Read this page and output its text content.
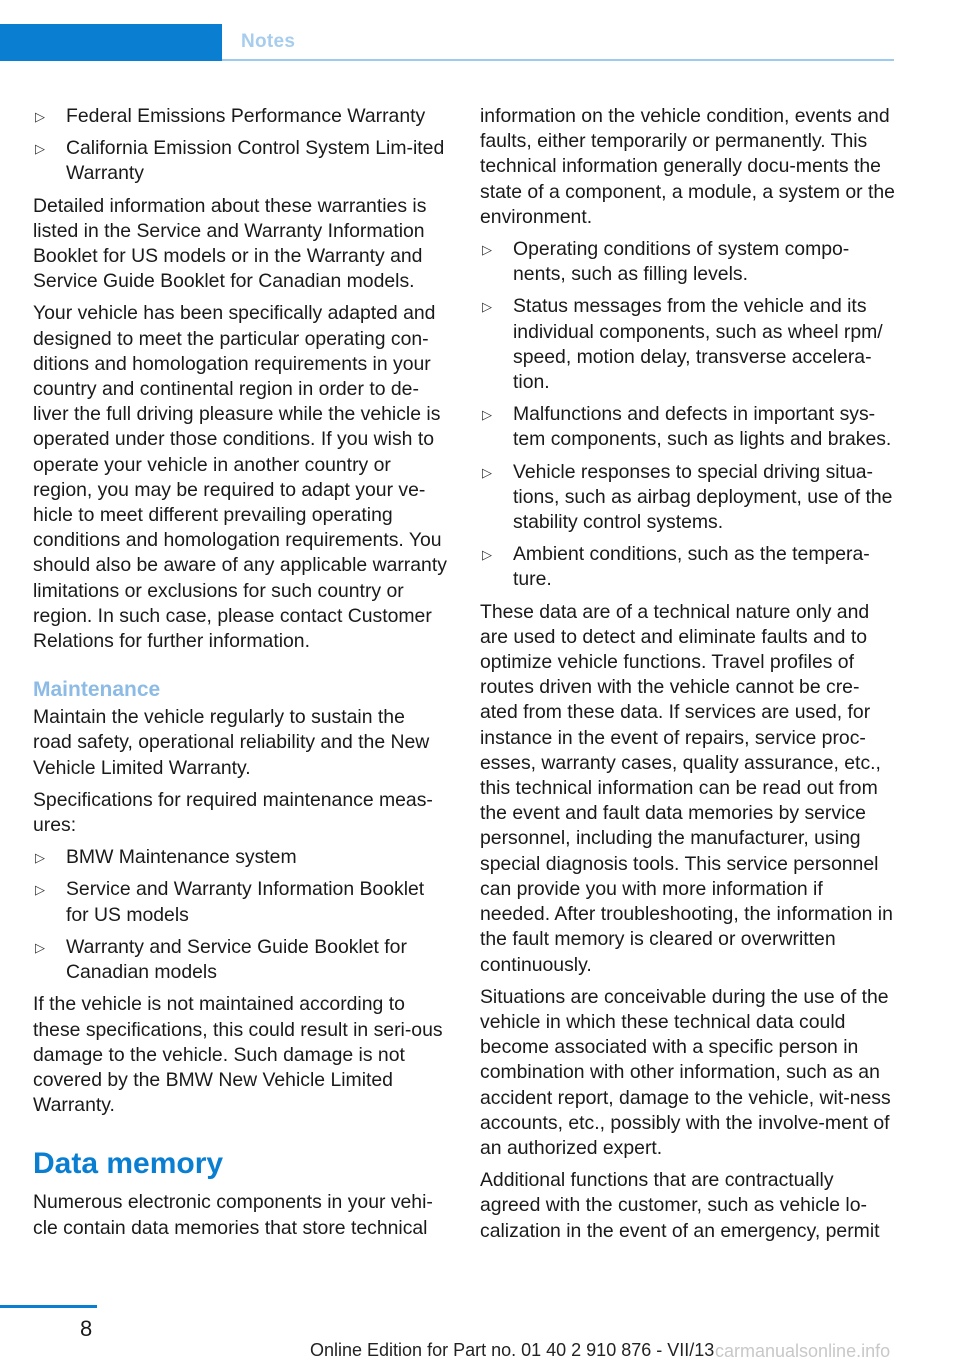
Notes
▷ Federal Emissions Performance Warranty
▷ California Emission Control System Lim‐ited Warranty

Detailed information about these warranties is listed in the Service and Warranty Information Booklet for US models or in the Warranty and Service Guide Booklet for Canadian models.

Your vehicle has been specifically adapted and designed to meet the particular operating con‐ditions and homologation requirements in your country and continental region in order to de‐liver the full driving pleasure while the vehicle is operated under those conditions. If you wish to operate your vehicle in another country or region, you may be required to adapt your ve‐hicle to meet different prevailing operating conditions and homologation requirements. You should also be aware of any applicable warranty limitations or exclusions for such country or region. In such case, please contact Customer Relations for further information.

Maintenance

Maintain the vehicle regularly to sustain the road safety, operational reliability and the New Vehicle Limited Warranty.

Specifications for required maintenance meas‐ures:

▷ BMW Maintenance system
▷ Service and Warranty Information Booklet for US models
▷ Warranty and Service Guide Booklet for Canadian models

If the vehicle is not maintained according to these specifications, this could result in seri‐ous damage to the vehicle. Such damage is not covered by the BMW New Vehicle Limited Warranty.

Data memory

Numerous electronic components in your vehi‐cle contain data memories that store technical

information on the vehicle condition, events and faults, either temporarily or permanently. This technical information generally docu‐ments the state of a component, a module, a system or the environment.

▷ Operating conditions of system compo‐nents, such as filling levels.
▷ Status messages from the vehicle and its individual components, such as wheel rpm/ speed, motion delay, transverse accelera‐tion.
▷ Malfunctions and defects in important sys‐tem components, such as lights and brakes.
▷ Vehicle responses to special driving situa‐tions, such as airbag deployment, use of the stability control systems.
▷ Ambient conditions, such as the tempera‐ture.

These data are of a technical nature only and are used to detect and eliminate faults and to optimize vehicle functions. Travel profiles of routes driven with the vehicle cannot be cre‐ated from these data. If services are used, for instance in the event of repairs, service proc‐esses, warranty cases, quality assurance, etc., this technical information can be read out from the event and fault data memories by service personnel, including the manufacturer, using special diagnosis tools. This service personnel can provide you with more information if needed. After troubleshooting, the information in the fault memory is cleared or overwritten continuously.

Situations are conceivable during the use of the vehicle in which these technical data could become associated with a specific person in combination with other information, such as an accident report, damage to the vehicle, wit‐ness accounts, etc., possibly with the involve‐ment of an authorized expert.

Additional functions that are contractually agreed with the customer, such as vehicle lo‐calization in the event of an emergency, permit

8
Online Edition for Part no. 01 40 2 910 876 - VII/13 carmanualsonline.info
